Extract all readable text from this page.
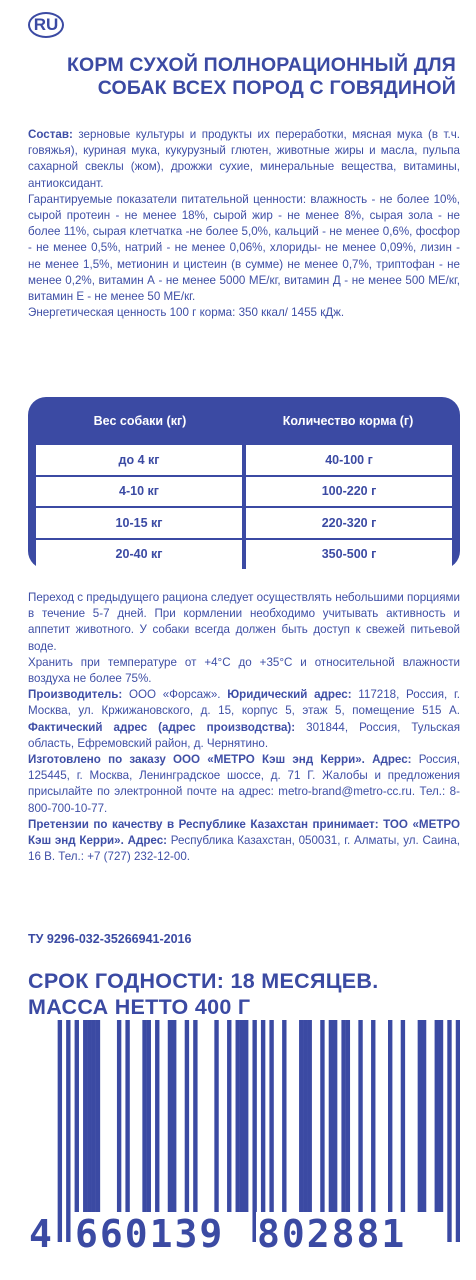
RU
КОРМ СУХОЙ ПОЛНОРАЦИОННЫЙ ДЛЯ
СОБАК ВСЕХ ПОРОД С ГОВЯДИНОЙ
Состав: зерновые культуры и продукты их переработки, мясная мука (в т.ч. говяжья), куриная мука, кукурузный глютен, животные жиры и масла, пульпа сахарной свеклы (жом), дрожжи сухие, минеральные вещества, витамины, антиоксидант.
Гарантируемые показатели питательной ценности: влажность - не более 10%, сырой протеин - не менее 18%, сырой жир - не менее 8%, сырая зола - не более 11%, сырая клетчатка -не более 5,0%, кальций - не менее 0,6%, фосфор - не менее 0,5%, натрий - не менее 0,06%, хлориды- не менее 0,09%, лизин - не менее 1,5%, метионин и цистеин (в сумме) не менее 0,7%, триптофан - не менее 0,2%, витамин А - не менее 5000 МЕ/кг, витамин Д - не менее 500 МЕ/кг, витамин Е - не менее 50 МЕ/кг.
Энергетическая ценность 100 г корма: 350 ккал/ 1455 кДж.
Вес собаки (кг)	Количество корма (г)
до 4 кг
4-10 кг
10-15 кг
20-40 кг
40-100 г
100-220 г
220-320 г
350-500 г
Переход с предыдущего рациона следует осуществлять небольшими порциями в течение 5-7 дней. При кормлении необходимо учитывать активность и аппетит животного. У собаки всегда должен быть доступ к свежей питьевой воде.
Хранить при температуре от +4°С до +35°С и относительной влажности воздуха не более 75%.
Производитель: ООО «Форсаж». Юридический адрес: 117218, Россия, г. Москва, ул. Кржижановского, д. 15, корпус 5, этаж 5, помещение 515 А. Фактический адрес (адрес производства): 301844, Россия, Тульская область, Ефремовский район, д. Чернятино.
Изготовлено по заказу ООО «МЕТРО Кэш энд Керри». Адрес: Россия, 125445, г. Москва, Ленинградское шоссе, д. 71 Г. Жалобы и предложения присылайте по электронной почте на адрес: metro-brand@metro-cc.ru. Тел.: 8-800-700-10-77.
Претензии по качеству в Республике Казахстан принимает: ТОО «МЕТРО Кэш энд Керри». Адрес: Республика Казахстан, 050031, г. Алматы, ул. Саина, 16 В. Тел.: +7 (727) 232-12-00.
ТУ 9296-032-35266941-2016
СРОК ГОДНОСТИ: 18 МЕСЯЦЕВ.
МАССА НЕТТО 400 Г
4 660139 802881
